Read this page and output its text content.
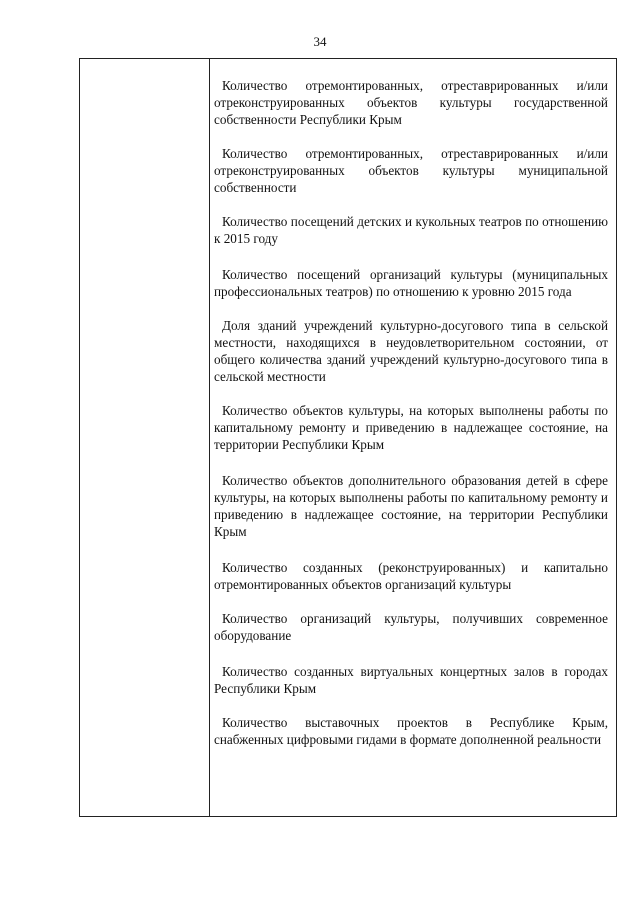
34

Количество отремонтированных, отреставрированных и/или отреконструированных объектов культуры государственной собственности Республики Крым

Количество отремонтированных, отреставрированных и/или отреконструированных объектов культуры муниципальной собственности

Количество посещений детских и кукольных театров по отношению к 2015 году

Количество посещений организаций культуры (муниципальных профессиональных театров) по отношению к уровню 2015 года

Доля зданий учреждений культурно-досугового типа в сельской местности, находящихся в неудовлетворительном состоянии, от общего количества зданий учреждений культурно-досугового типа в сельской местности

Количество объектов культуры, на которых выполнены работы по капитальному ремонту и приведению в надлежащее состояние, на территории Республики Крым

Количество объектов дополнительного образования детей в сфере культуры, на которых выполнены работы по капитальному ремонту и приведению в надлежащее состояние, на территории Республики Крым

Количество созданных (реконструированных) и капитально отремонтированных объектов организаций культуры

Количество организаций культуры, получивших современное оборудование

Количество созданных виртуальных концертных залов в городах Республики Крым

Количество выставочных проектов в Республике Крым, снабженных цифровыми гидами в формате дополненной реальности
